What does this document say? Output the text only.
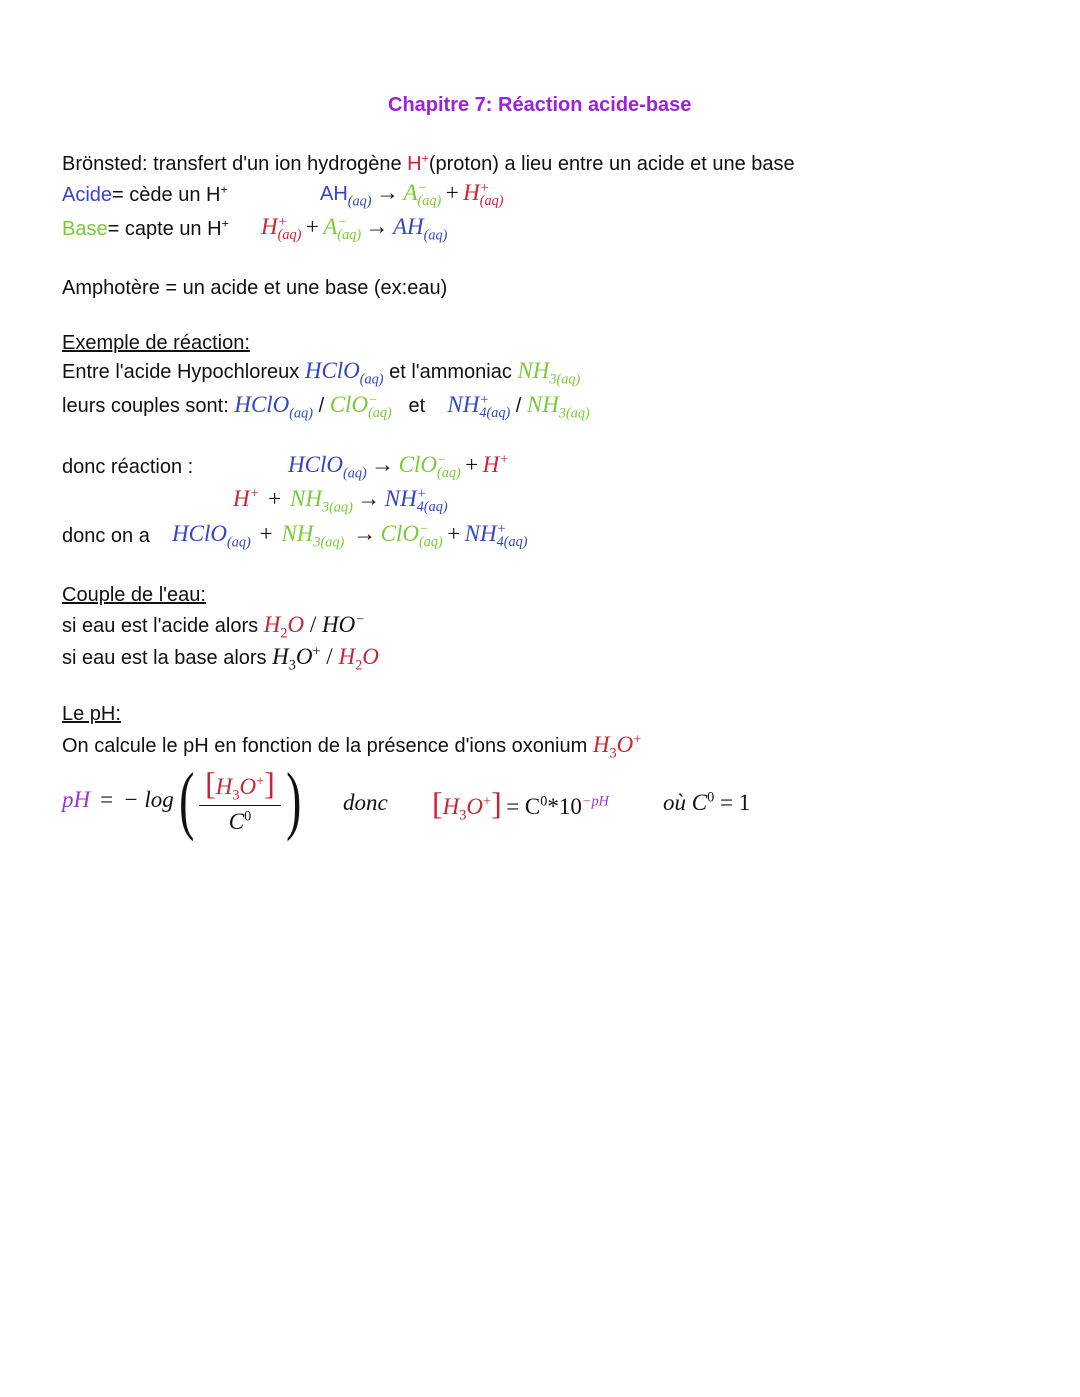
Chapitre 7: Réaction acide-base
Brönsted: transfert d'un ion hydrogène H+(proton) a lieu entre un acide et une base
Acide= cède un H+	$AH_{(aq)} \to A$ −
(aq) + H +
(aq)
Base= capte un H+ H +
(aq) + A −
$(aq) \to AH_{(aq)}$
Amphotère = un acide et une base (ex:eau)
Exemple de réaction:
Entre l'acide Hypochloreux HClO$_{(aq)}$ et l'ammoniac $NH_{3(aq)}$
leurs couples sont: HClO$_{(aq)}$ / ClO −
(aq) et NH +
$4(aq) / NH_{3(aq)}$
donc réaction :	HClO$_{(aq)}$ → ClO −
(aq) + H+
$H^+ + NH_{3(aq)}$ → NH +
4(aq)
donc on a HClO$_{(aq)}$ + $NH_{3(aq)}$ → ClO −
(aq) + NH +
4(aq)
Couple de l'eau:
si eau est l'acide alors $H_2O / HO^-$
si eau est la base alors $H_3O^+ / H_2O$
Le pH:
On calcule le pH en fonction de la présence d'ions oxonium $H_3O^+$
pH = − log ( $\frac{[H_3O^+]}{C^0}$ ) donc $[H_3O^+] = C^0*10^{-pH}$ où $C^0 = 1$
